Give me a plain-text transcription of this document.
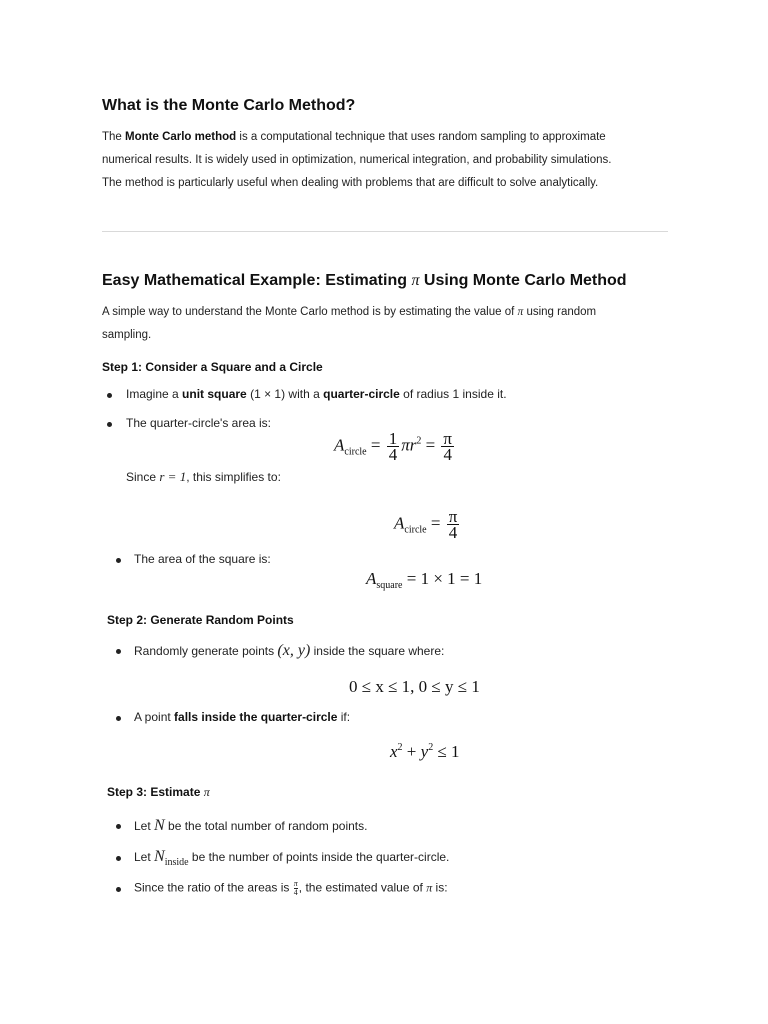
What is the Monte Carlo Method?
The Monte Carlo method is a computational technique that uses random sampling to approximate
numerical results. It is widely used in optimization, numerical integration, and probability simulations.
The method is particularly useful when dealing with problems that are difficult to solve analytically.
Easy Mathematical Example: Estimating π Using Monte Carlo Method
A simple way to understand the Monte Carlo method is by estimating the value of π using random
sampling.
Step 1: Consider a Square and a Circle
Imagine a unit square (1 × 1) with a quarter-circle of radius 1 inside it.
The quarter-circle's area is:
$A_{circle} = \frac{1}{4} \pi r^2 = \frac{\pi}{4}$
Since r = 1, this simplifies to:
$A_{circle} = \frac{\pi}{4}$
The area of the square is:
$A_{square} = 1 \times 1 = 1$
Step 2: Generate Random Points
Randomly generate points (x, y) inside the square where:
0 ≤ x ≤ 1, 0 ≤ y ≤ 1
A point falls inside the quarter-circle if:
$x^2 + y^2 \le 1$
Step 3: Estimate π
Let N be the total number of random points.
Let $N_{inside}$ be the number of points inside the quarter-circle.
Since the ratio of the areas is $\frac{\pi}{4}$ , the estimated value of π is:
